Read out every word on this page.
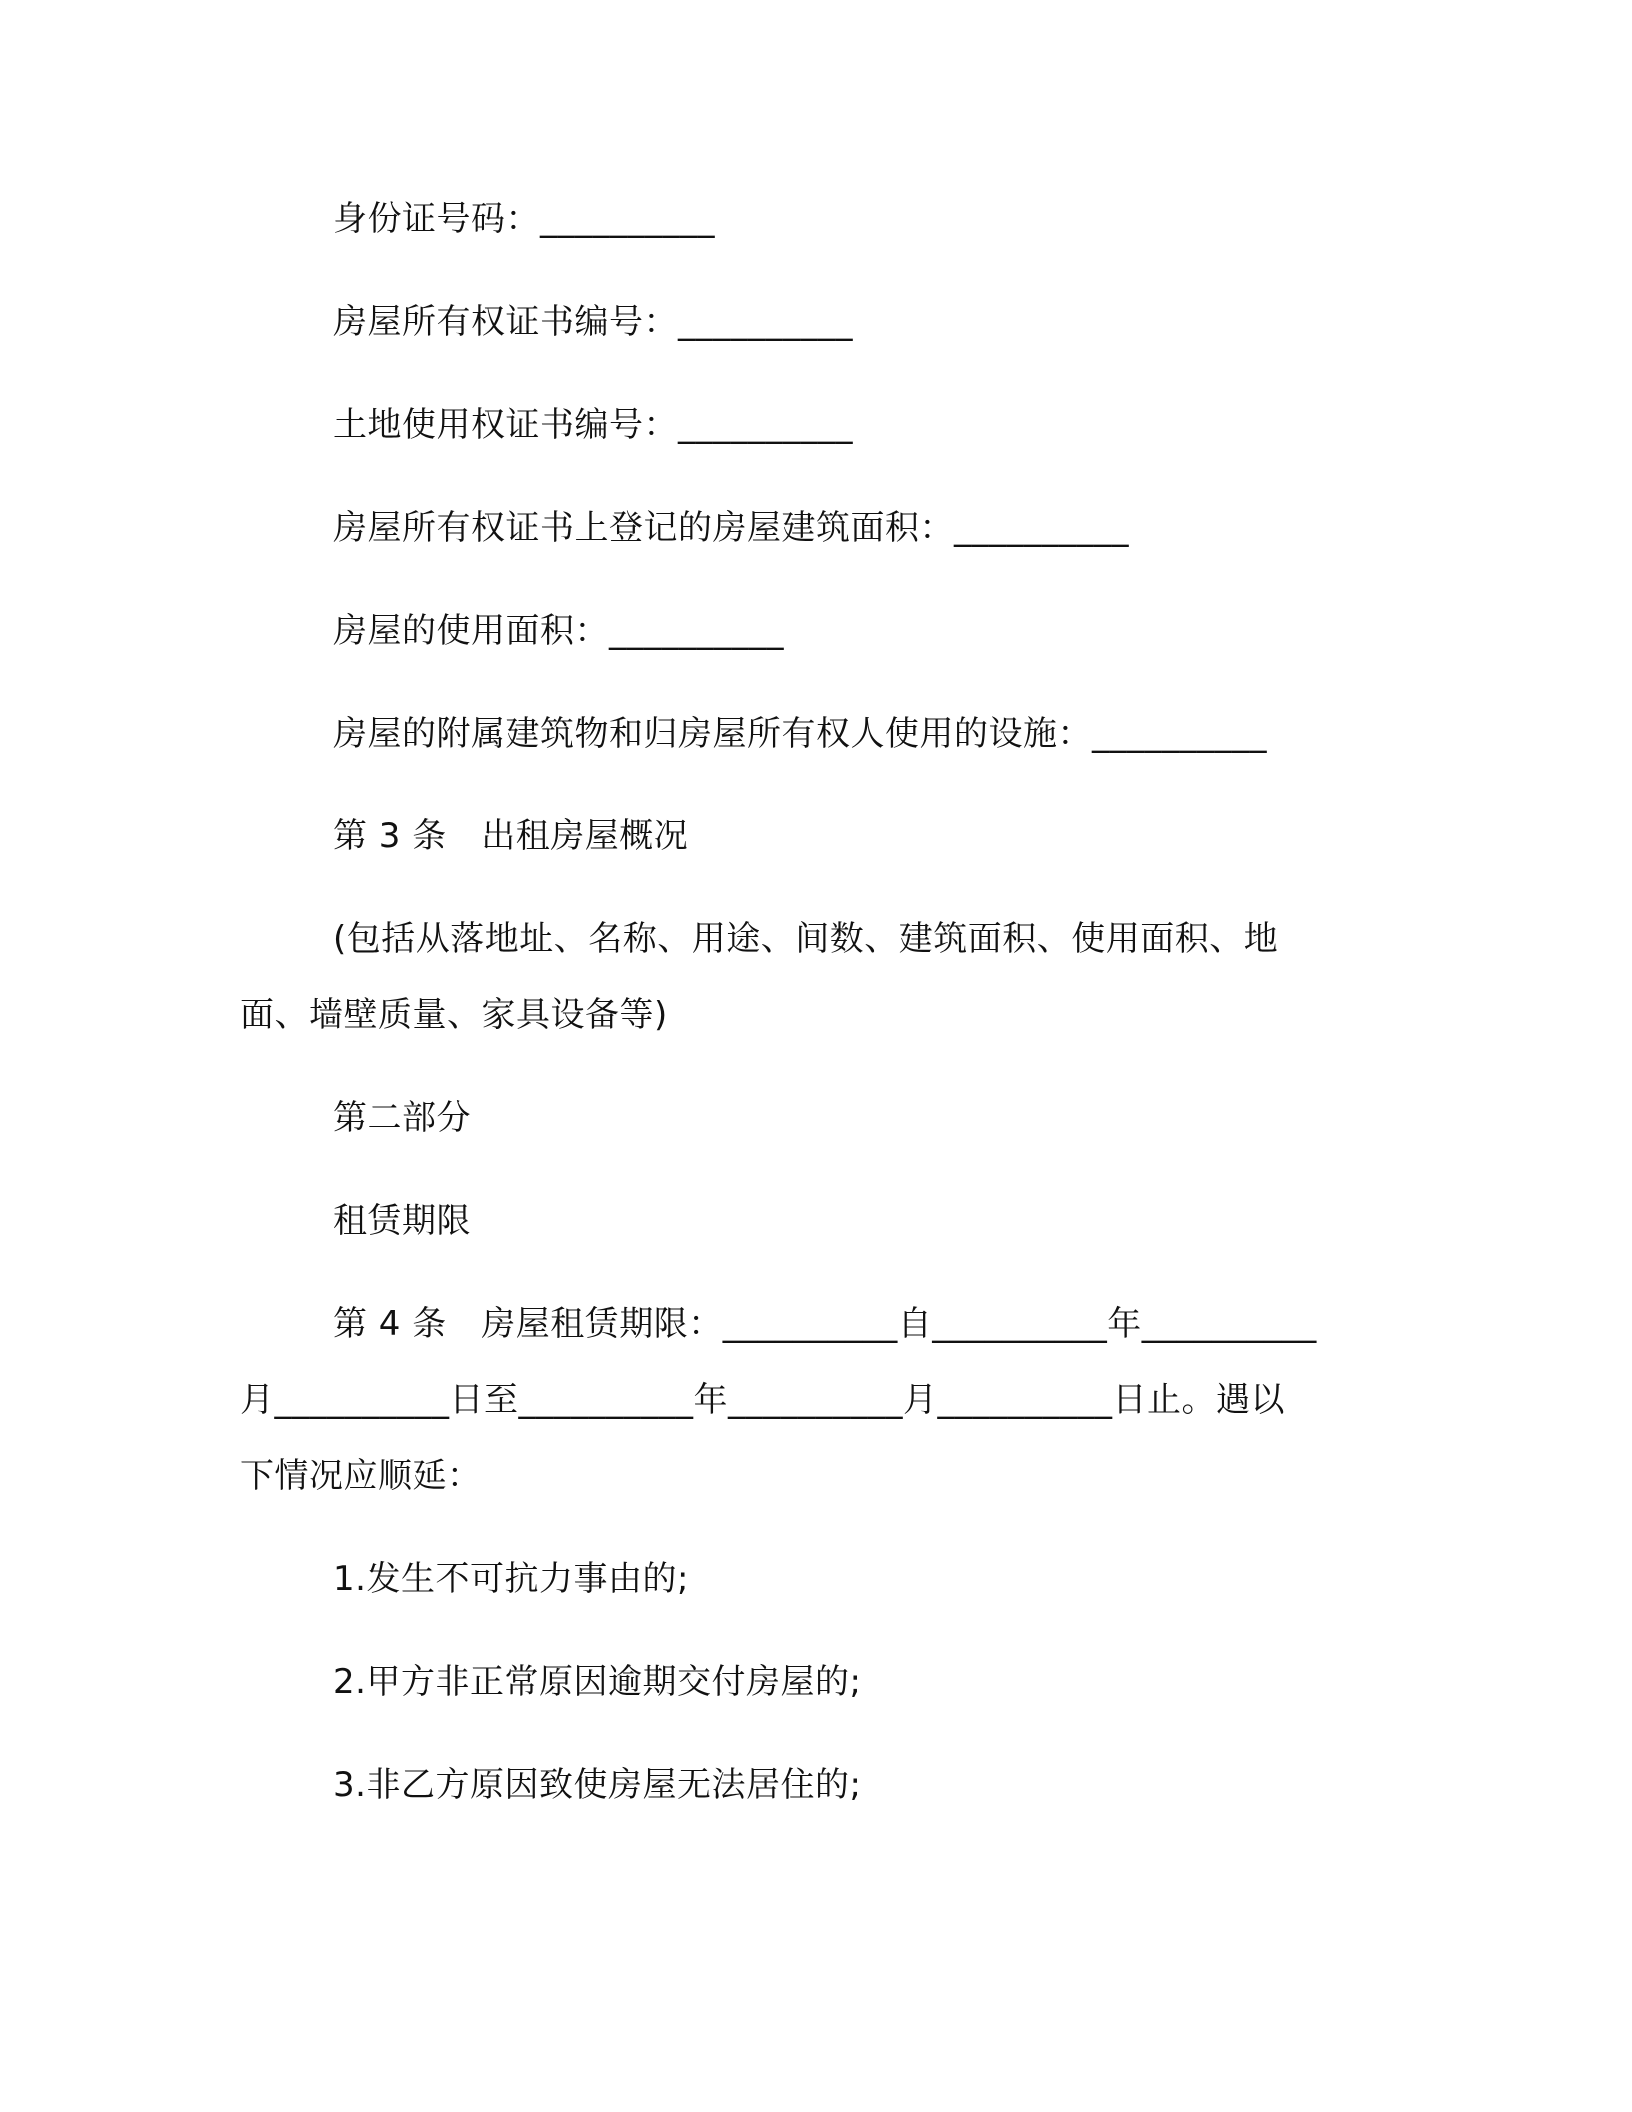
身份证号码：__________
房屋所有权证书编号：__________
土地使用权证书编号：__________
房屋所有权证书上登记的房屋建筑面积：__________
房屋的使用面积：__________
房屋的附属建筑物和归房屋所有权人使用的设施：__________
第 3 条　出租房屋概况
(包括从落地址、名称、用途、间数、建筑面积、使用面积、地
面、墙壁质量、家具设备等)
第二部分
租赁期限
第 4 条　房屋租赁期限：__________自__________年__________
月__________日至__________年__________月__________日止。遇以
下情况应顺延：
1.发生不可抗力事由的;
2.甲方非正常原因逾期交付房屋的;
3.非乙方原因致使房屋无法居住的;
